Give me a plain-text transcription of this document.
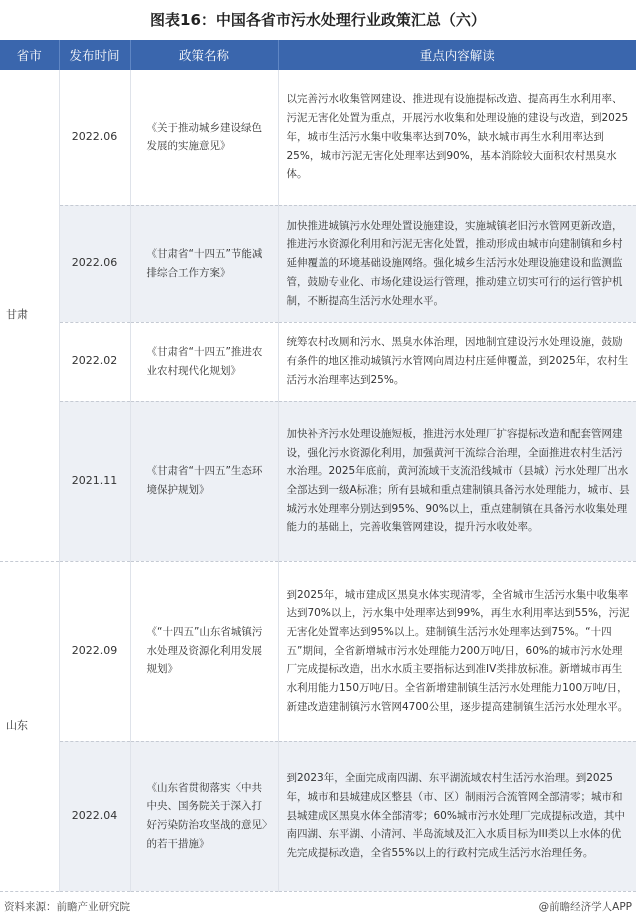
图表16：中国各省市污水处理行业政策汇总（六）
省市	发布时间	政策名称	重点内容解读
甘肃	2022.06	《关于推动城乡建设绿色发展的实施意见》	以完善污水收集管网建设、推进现有设施提标改造、提高再生水利用率、污泥无害化处置为重点，开展污水收集和处理设施的建设与改造，到2025年，城市生活污水集中收集率达到70%，缺水城市再生水利用率达到25%，城市污泥无害化处理率达到90%，基本消除较大面积农村黑臭水体。
	2022.06	《甘肃省“十四五”节能减排综合工作方案》	加快推进城镇污水处理处置设施建设，实施城镇老旧污水管网更新改造，推进污水资源化利用和污泥无害化处置，推动形成由城市向建制镇和乡村延伸覆盖的环境基础设施网络。强化城乡生活污水处理设施建设和监测监管，鼓励专业化、市场化建设运行管理，推动建立切实可行的运行管护机制，不断提高生活污水处理水平。
	2022.02	《甘肃省“十四五”推进农业农村现代化规划》	统筹农村改厕和污水、黑臭水体治理，因地制宜建设污水处理设施，鼓励有条件的地区推动城镇污水管网向周边村庄延伸覆盖，到2025年，农村生活污水治理率达到25%。
	2021.11	《甘肃省“十四五”生态环境保护规划》	加快补齐污水处理设施短板，推进污水处理厂扩容提标改造和配套管网建设，强化污水资源化利用，加强黄河干流综合治理，全面推进农村生活污水治理。2025年底前，黄河流域干支流沿线城市（县城）污水处理厂出水全部达到一级A标准；所有县城和重点建制镇具备污水处理能力，城市、县城污水处理率分别达到95%、90%以上，重点建制镇在具备污水收集处理能力的基础上，完善收集管网建设，提升污水收处率。
山东	2022.09	《“十四五”山东省城镇污水处理及资源化利用发展规划》	到2025年，城市建成区黑臭水体实现清零，全省城市生活污水集中收集率达到70%以上，污水集中处理率达到99%，再生水利用率达到55%，污泥无害化处置率达到95%以上。建制镇生活污水处理率达到75%。“十四五”期间，全省新增城市污水处理能力200万吨/日，60%的城市污水处理厂完成提标改造，出水水质主要指标达到准IV类排放标准。新增城市再生水利用能力150万吨/日。全省新增建制镇生活污水处理能力100万吨/日，新建改造建制镇污水管网4700公里，逐步提高建制镇生活污水处理水平。
	2022.04	《山东省贯彻落实〈中共中央、国务院关于深入打好污染防治攻坚战的意见〉的若干措施》	到2023年，全面完成南四湖、东平湖流域农村生活污水治理。到2025年，城市和县城建成区整县（市、区）制雨污合流管网全部清零；城市和县城建成区黑臭水体全部清零；60%城市污水处理厂完成提标改造，其中南四湖、东平湖、小清河、半岛流域及汇入水质目标为III类以上水体的优先完成提标改造，全省55%以上的行政村完成生活污水治理任务。
资料来源：前瞻产业研究院	@前瞻经济学人APP
